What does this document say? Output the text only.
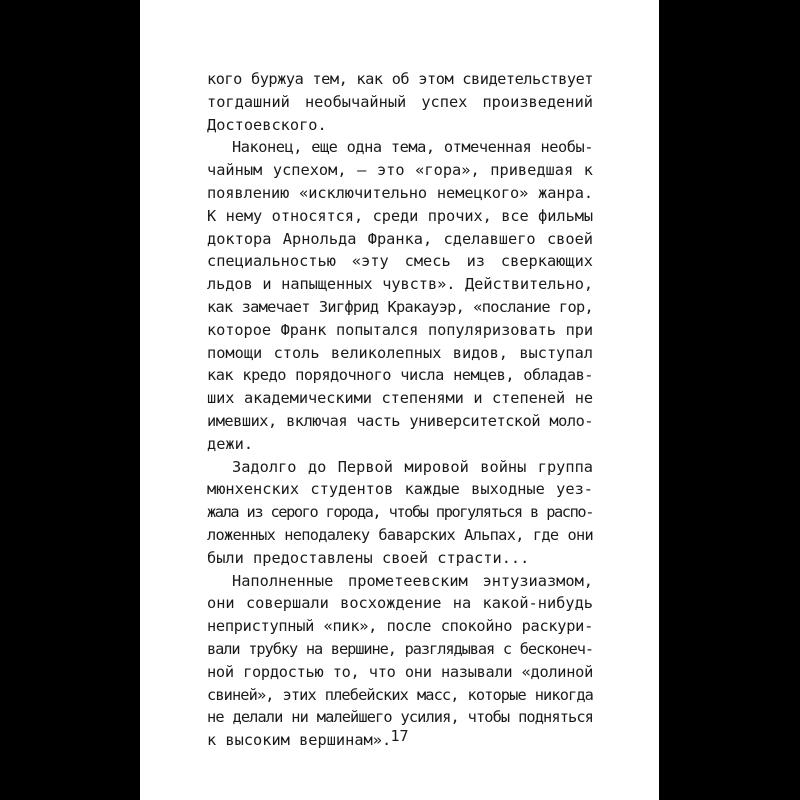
кого буржуа тем, как об этом свидетельствует
тогдашний необычайный успех произведений
Достоевского.
Наконец, еще одна тема, отмеченная необы-
чайным успехом, — это «гора», приведшая к
появлению «исключительно немецкого» жанра.
К нему относятся, среди прочих, все фильмы
доктора Арнольда Франка, сделавшего своей
специальностью «эту смесь из сверкающих
льдов и напыщенных чувств». Действительно,
как замечает Зигфрид Кракауэр, «послание гор,
которое Франк попытался популяризовать при
помощи столь великолепных видов, выступал
как кредо порядочного числа немцев, обладав-
ших академическими степенями и степеней не
имевших, включая часть университетской моло-
дежи.
Задолго до Первой мировой войны группа
мюнхенских студентов каждые выходные уез-
жала из серого города, чтобы прогуляться в распо-
ложенных неподалеку баварских Альпах, где они
были предоставлены своей страсти...
Наполненные прометеевским энтузиазмом,
они совершали восхождение на какой-нибудь
неприступный «пик», после спокойно раскури-
вали трубку на вершине, разглядывая с бесконеч-
ной гордостью то, что они называли «долиной
свиней», этих плебейских масс, которые никогда
не делали ни малейшего усилия, чтобы подняться
к высоким вершинам». 17
